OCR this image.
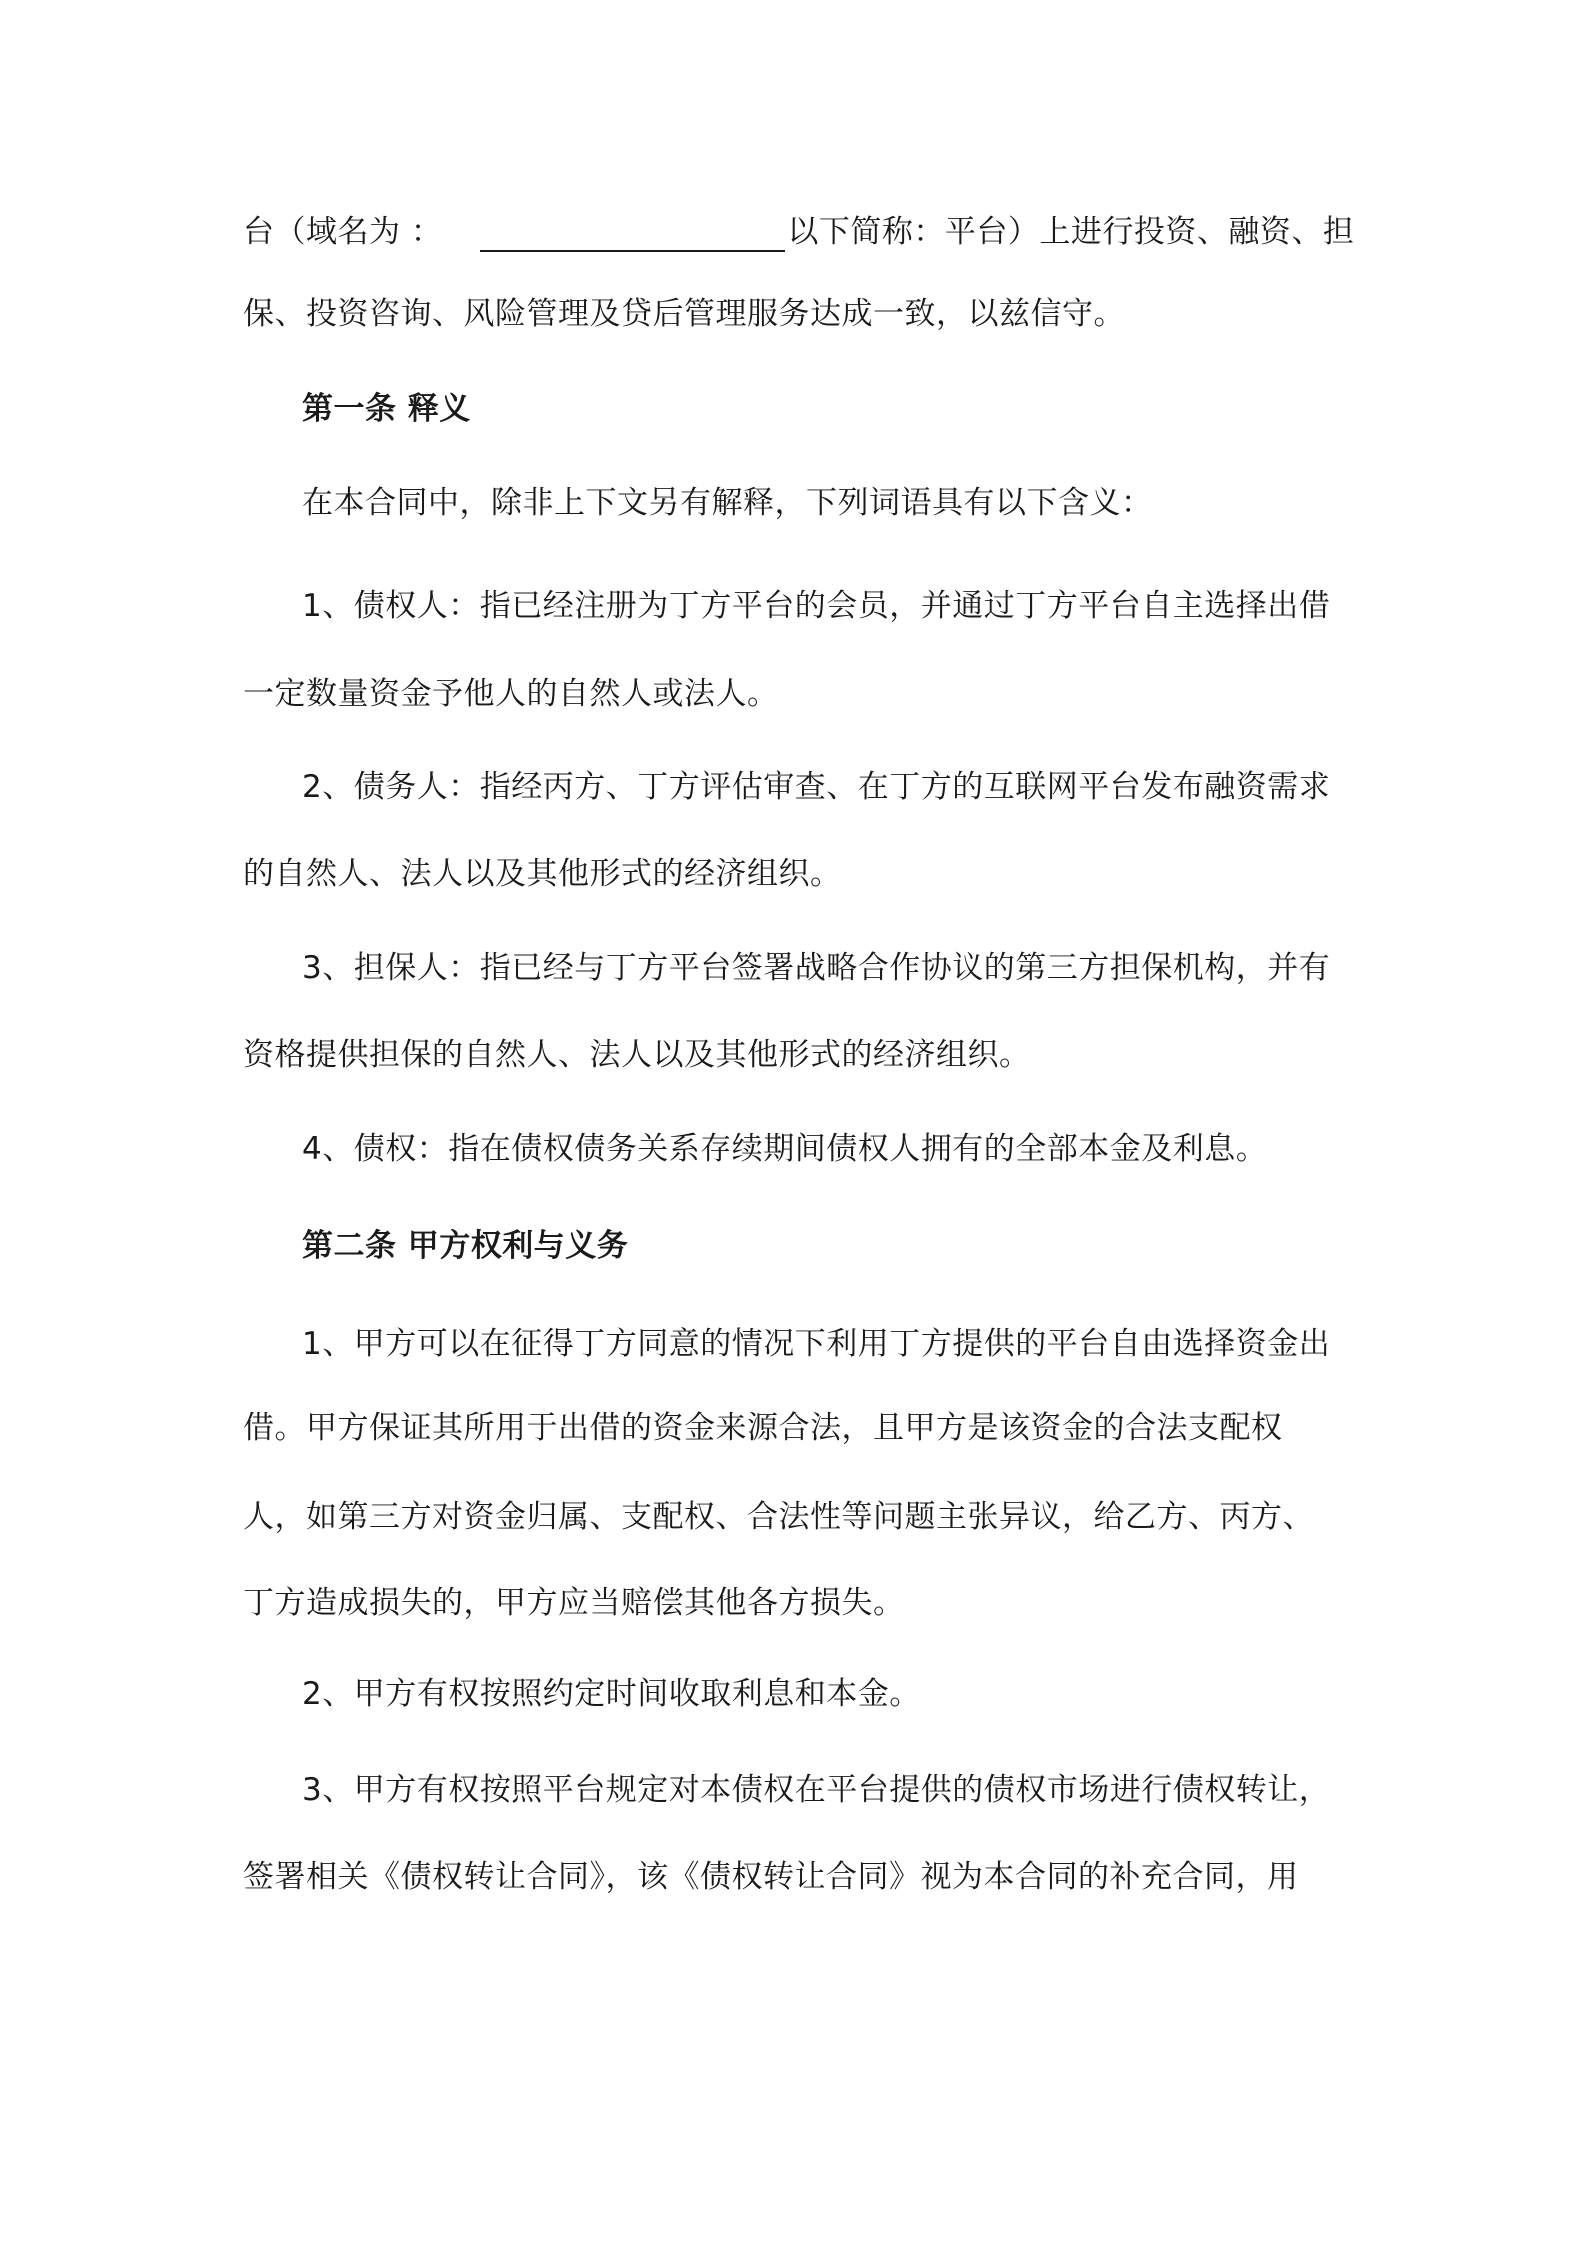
台（域名为 ：	以下简称：平台）上进行投资、融资、担
保、投资咨询、风险管理及贷后管理服务达成一致，以兹信守。
第一条 释义
在本合同中，除非上下文另有解释，下列词语具有以下含义：
1、债权人：指已经注册为丁方平台的会员，并通过丁方平台自主选择出借
一定数量资金予他人的自然人或法人。
2、债务人：指经丙方、丁方评估审查、在丁方的互联网平台发布融资需求
的自然人、法人以及其他形式的经济组织。
3、担保人：指已经与丁方平台签署战略合作协议的第三方担保机构，并有
资格提供担保的自然人、法人以及其他形式的经济组织。
4、债权：指在债权债务关系存续期间债权人拥有的全部本金及利息。
第二条 甲方权利与义务
1、甲方可以在征得丁方同意的情况下利用丁方提供的平台自由选择资金出
借。甲方保证其所用于出借的资金来源合法，且甲方是该资金的合法支配权
人，如第三方对资金归属、支配权、合法性等问题主张异议，给乙方、丙方、
丁方造成损失的，甲方应当赔偿其他各方损失。
2、甲方有权按照约定时间收取利息和本金。
3、甲方有权按照平台规定对本债权在平台提供的债权市场进行债权转让，
签署相关《债权转让合同》，该《债权转让合同》视为本合同的补充合同，用
